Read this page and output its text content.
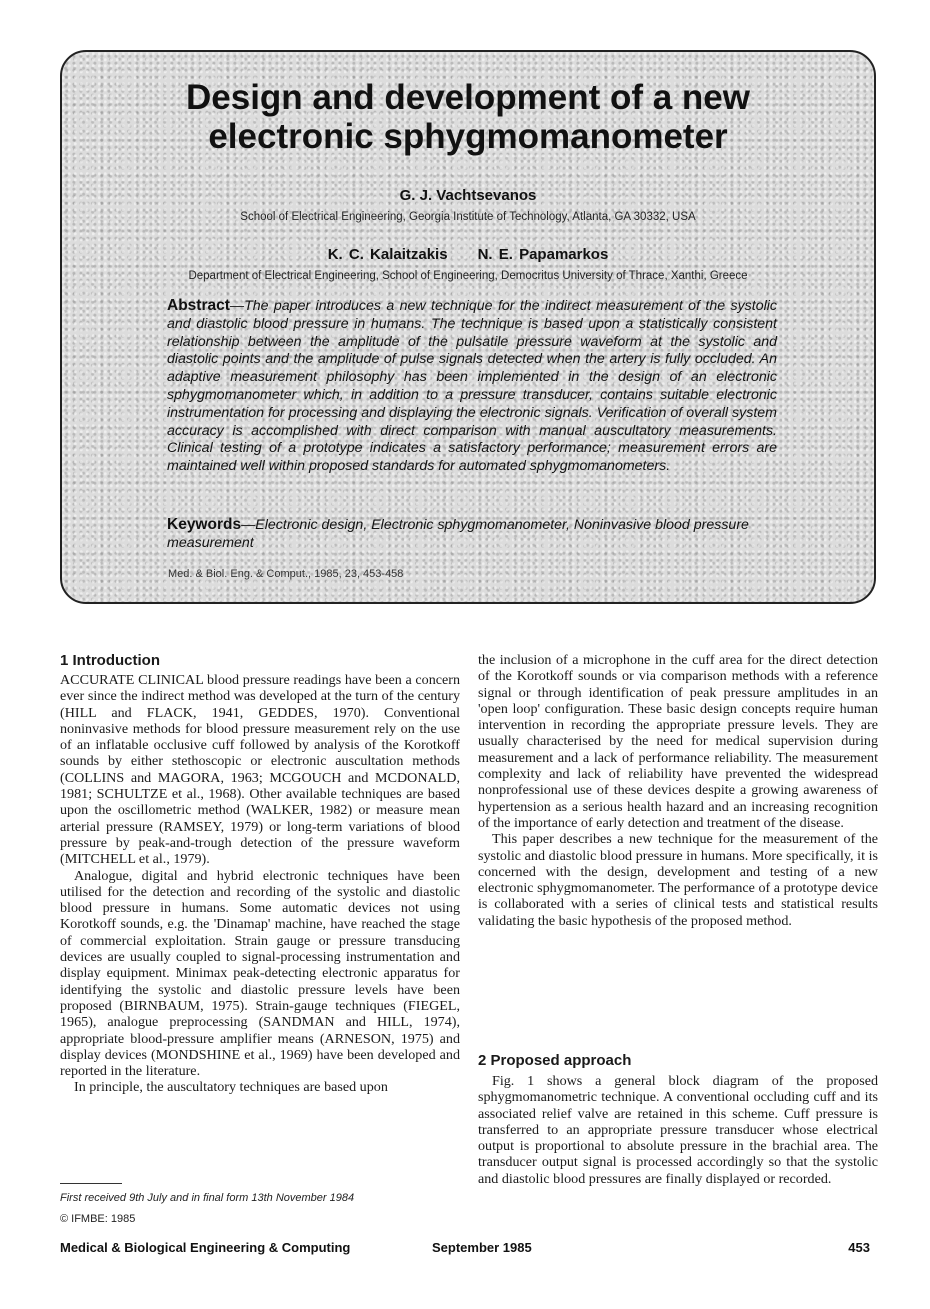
Design and development of a new
electronic sphygmomanometer
G. J. Vachtsevanos
School of Electrical Engineering, Georgia Institute of Technology, Atlanta, GA 30332, USA
K. C. Kalaitzakis N. E. Papamarkos
Department of Electrical Engineering, School of Engineering, Democritus University of Thrace, Xanthi, Greece

Abstract—The paper introduces a new technique for the indirect measurement of the systolic and diastolic blood pressure in humans. The technique is based upon a statistically consistent relationship between the amplitude of the pulsatile pressure waveform at the systolic and diastolic points and the amplitude of pulse signals detected when the artery is fully occluded. An adaptive measurement philosophy has been implemented in the design of an electronic sphygmomanometer which, in addition to a pressure transducer, contains suitable electronic instrumentation for processing and displaying the electronic signals. Verification of overall system accuracy is accomplished with direct comparison with manual auscultatory measurements. Clinical testing of a prototype indicates a satisfactory performance; measurement errors are maintained well within proposed standards for automated sphygmomanometers.

Keywords—Electronic design, Electronic sphygmomanometer, Noninvasive blood pressure measurement

Med. & Biol. Eng. & Comput., 1985, 23, 453-458
1 Introduction

ACCURATE CLINICAL blood pressure readings have been a concern ever since the indirect method was developed at the turn of the century (HILL and FLACK, 1941, GEDDES, 1970). Conventional noninvasive methods for blood pressure measurement rely on the use of an inflatable occlusive cuff followed by analysis of the Korotkoff sounds by either stethoscopic or electronic auscultation methods (COLLINS and MAGORA, 1963; MCGOUCH and MCDONALD, 1981; SCHULTZE et al., 1968). Other available techniques are based upon the oscillometric method (WALKER, 1982) or measure mean arterial pressure (RAMSEY, 1979) or long-term variations of blood pressure by peak-and-trough detection of the pressure waveform (MITCHELL et al., 1979).

Analogue, digital and hybrid electronic techniques have been utilised for the detection and recording of the systolic and diastolic blood pressure in humans. Some automatic devices not using Korotkoff sounds, e.g. the 'Dinamap' machine, have reached the stage of commercial exploitation. Strain gauge or pressure transducing devices are usually coupled to signal-processing instrumentation and display equipment. Minimax peak-detecting electronic apparatus for identifying the systolic and diastolic pressure levels have been proposed (BIRNBAUM, 1975). Strain-gauge techniques (FIEGEL, 1965), analogue preprocessing (SANDMAN and HILL, 1974), appropriate blood-pressure amplifier means (ARNESON, 1975) and display devices (MONDSHINE et al., 1969) have been developed and reported in the literature.

In principle, the auscultatory techniques are based upon

the inclusion of a microphone in the cuff area for the direct detection of the Korotkoff sounds or via comparison methods with a reference signal or through identification of peak pressure amplitudes in an 'open loop' configuration. These basic design concepts require human intervention in recording the appropriate pressure levels. They are usually characterised by the need for medical supervision during measurement and a lack of performance reliability. The measurement complexity and lack of reliability have prevented the widespread nonprofessional use of these devices despite a growing awareness of hypertension as a serious health hazard and an increasing recognition of the importance of early detection and treatment of the disease.

This paper describes a new technique for the measurement of the systolic and diastolic blood pressure in humans. More specifically, it is concerned with the design, development and testing of a new electronic sphygmomanometer. The performance of a prototype device is collaborated with a series of clinical tests and statistical results validating the basic hypothesis of the proposed method.

2 Proposed approach

Fig. 1 shows a general block diagram of the proposed sphygmomanometric technique. A conventional occluding cuff and its associated relief valve are retained in this scheme. Cuff pressure is transferred to an appropriate pressure transducer whose electrical output is proportional to absolute pressure in the brachial area. The transducer output signal is processed accordingly so that the systolic and diastolic blood pressures are finally displayed or recorded.

First received 9th July and in final form 13th November 1984
© IFMBE: 1985
Medical & Biological Engineering & Computing	September 1985	453
